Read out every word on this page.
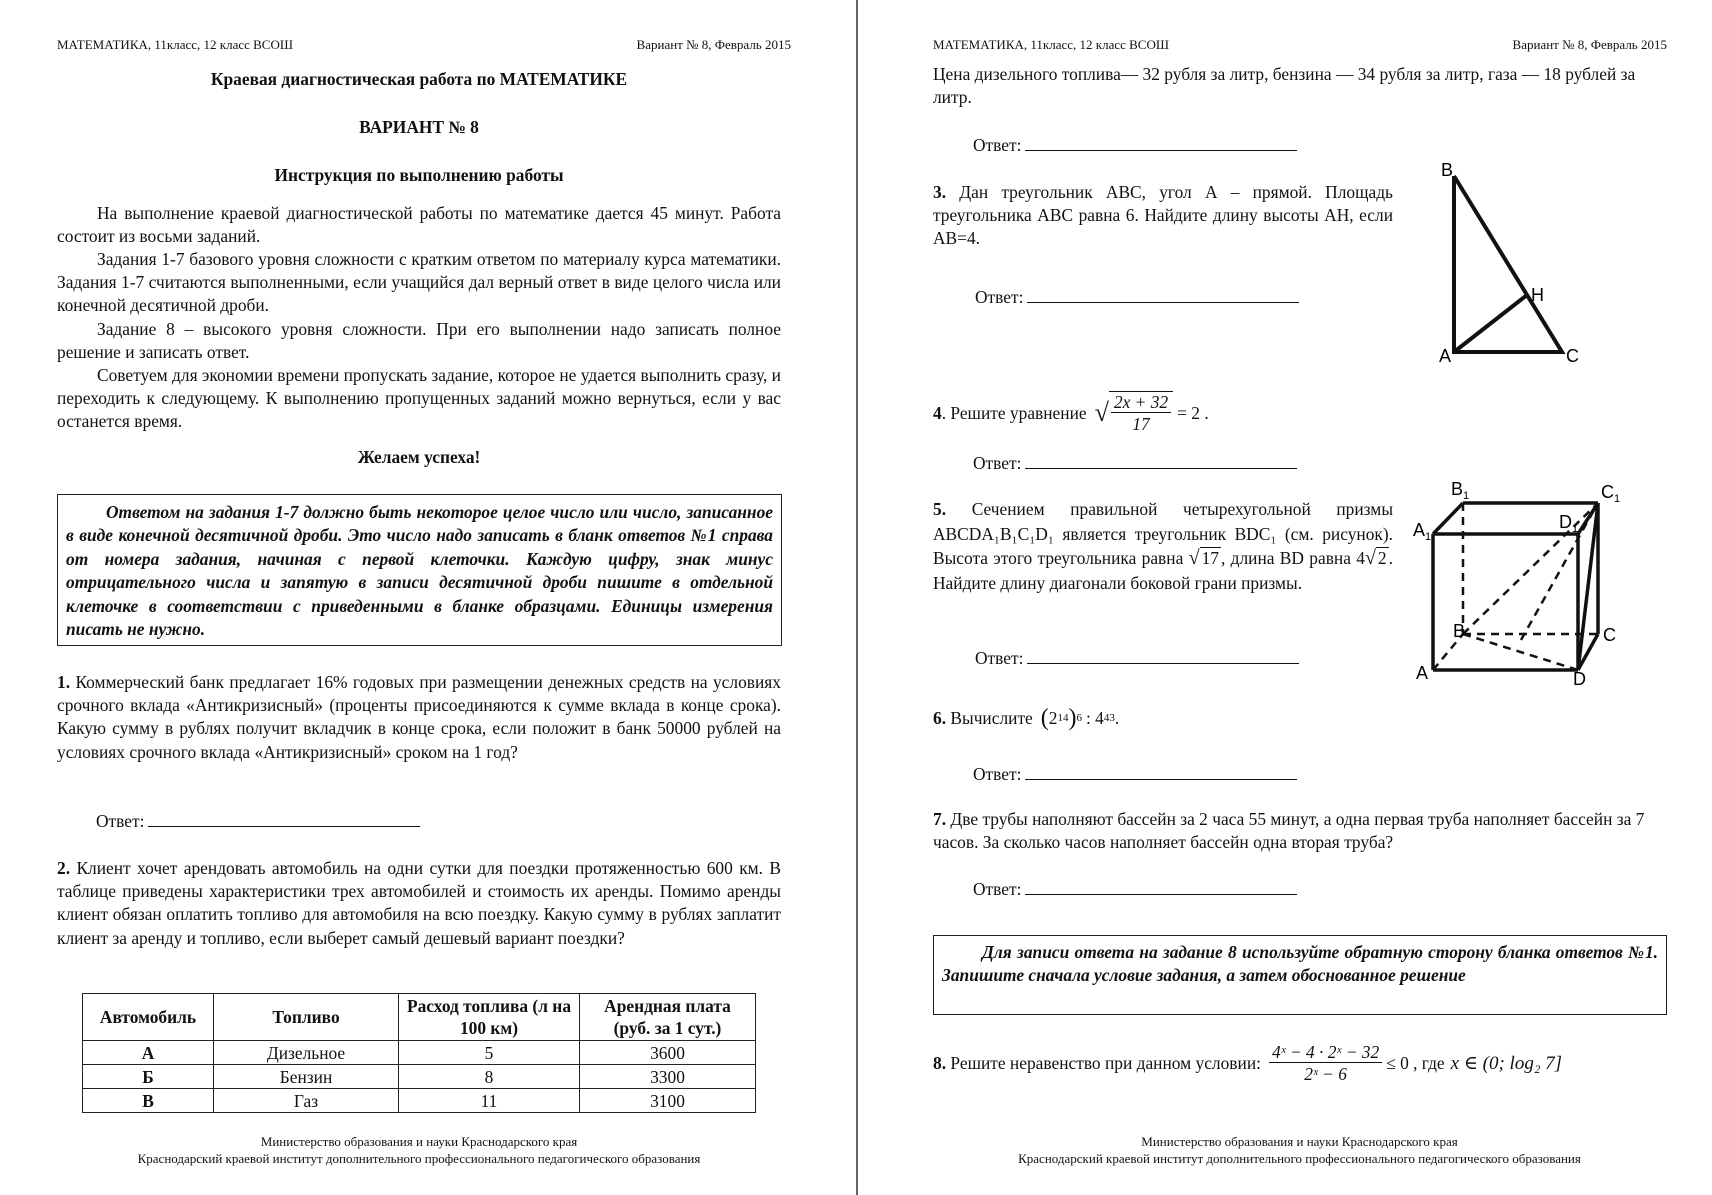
МАТЕМАТИКА, 11класс, 12 класс ВСОШ	Вариант № 8, Февраль 2015

Краевая диагностическая работа по МАТЕМАТИКЕ

ВАРИАНТ № 8

Инструкция по выполнению работы

На выполнение краевой диагностической работы по математике дается 45 минут. Работа состоит из восьми заданий.

Задания 1-7 базового уровня сложности с кратким ответом по материалу курса математики. Задания 1-7 считаются выполненными, если учащийся дал верный ответ в виде целого числа или конечной десятичной дроби.

Задание 8 – высокого уровня сложности. При его выполнении надо записать полное решение и записать ответ.

Советуем для экономии времени пропускать задание, которое не удается выполнить сразу, и переходить к следующему. К выполнению пропущенных заданий можно вернуться, если у вас останется время.

Желаем успеха!

Ответом на задания 1-7 должно быть некоторое целое число или число, записанное в виде конечной десятичной дроби. Это число надо записать в бланк ответов №1 справа от номера задания, начиная с первой клеточки. Каждую цифру, знак минус отрицательного числа и запятую в записи десятичной дроби пишите в отдельной клеточке в соответствии с приведенными в бланке образцами. Единицы измерения писать не нужно.

1. Коммерческий банк предлагает 16% годовых при размещении денежных средств на условиях срочного вклада «Антикризисный» (проценты присоединяются к сумме вклада в конце срока). Какую сумму в рублях получит вкладчик в конце срока, если положит в банк 50000 рублей на условиях срочного вклада «Антикризисный» сроком на 1 год?

Ответ:

2. Клиент хочет арендовать автомобиль на одни сутки для поездки протяженностью 600 км. В таблице приведены характеристики трех автомобилей и стоимость их аренды. Помимо аренды клиент обязан оплатить топливо для автомобиля на всю поездку. Какую сумму в рублях заплатит клиент за аренду и топливо, если выберет самый дешевый вариант поездки?

Автомобиль	Топливо	Расход топлива (л на 100 км)	Арендная плата (руб. за 1 сут.)
А	Дизельное	5	3600
Б	Бензин	8	3300
В	Газ	11	3100
Министерство образования и науки Краснодарского края
Краснодарский краевой институт дополнительного профессионального педагогического образования
МАТЕМАТИКА, 11класс, 12 класс ВСОШ	Вариант № 8, Февраль 2015

Цена дизельного топлива— 32 рубля за литр, бензина — 34 рубля за литр, газа — 18 рублей за литр.

Ответ:

3. Дан треугольник АВС, угол А – прямой. Площадь треугольника АВС равна 6. Найдите длину высоты АН, если АВ=4.

Ответ:
B
H
A	C
4 . Решите уравнение √ $\frac{2x + 32}{17} = 2$ .
Ответ:

5. Сечением правильной четырехугольной призмы ABCDA₁B₁C₁D₁ является треугольник BDC₁ (см. рисунок). Высота этого треугольника равна √ 17 , длина BD равна 4√ 2 . Найдите длину диагонали боковой грани призмы.

Ответ:
$B_1$	$C_1$
$A_1$
$D_1$
B	C
A	D
6.
Вычислите ( 2 14 ) 6 : 4 43 .
Ответ:

7. Две трубы наполняют бассейн за 2 часа 55 минут, а одна первая труба наполняет бассейн за 7 часов. За сколько часов наполняет бассейн одна вторая труба?

Ответ:
Для записи ответа на задание 8 используйте обратную сторону бланка ответов №1. Запишите сначала условие задания, а затем обоснованное решение
8.
Решите неравенство при данном условии: $\frac{\text{4ˣ − 4 · 2ˣ − 32}}{\text{2ˣ − 6}} \le 0$ , где x ∈ (0; log₂ 7]
Министерство образования и науки Краснодарского края
Краснодарский краевой институт дополнительного профессионального педагогического образования
